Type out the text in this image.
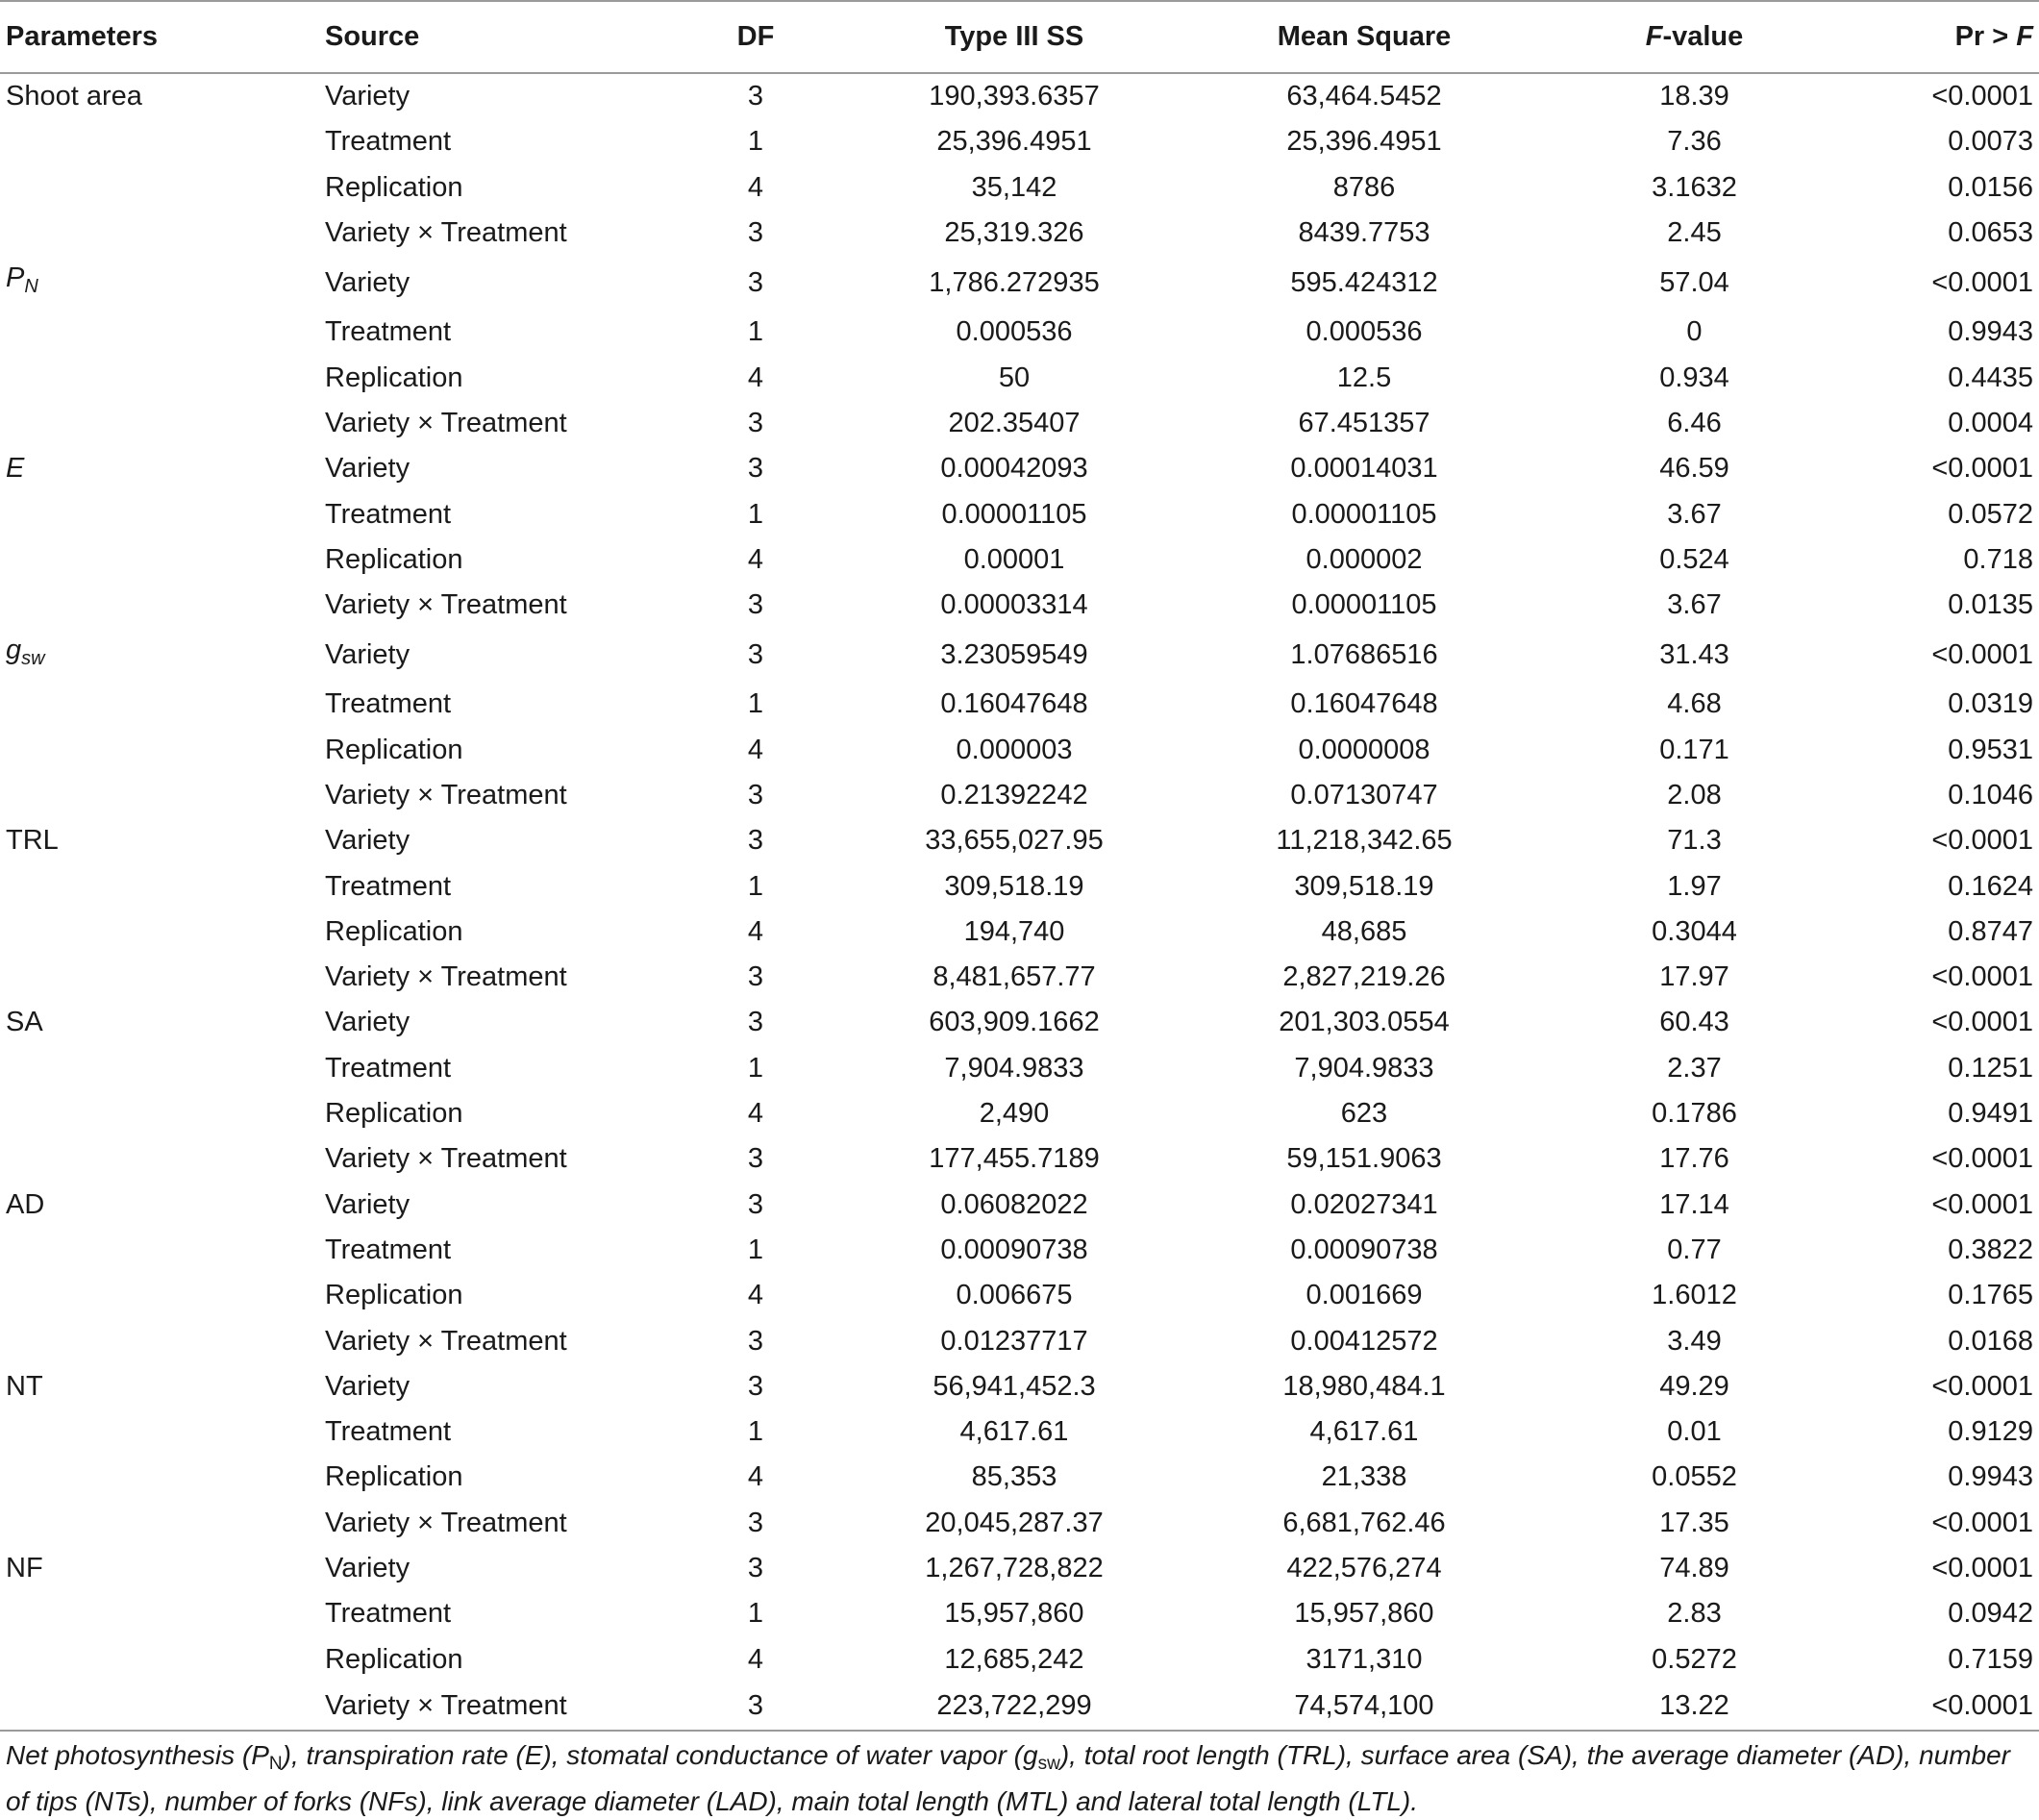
Parameters	Source	DF	Type III SS	Mean Square	F-value	Pr > F
Shoot area	Variety	3	190,393.6357	63,464.5452	18.39	<0.0001
	Treatment	1	25,396.4951	25,396.4951	7.36	0.0073
	Replication	4	35,142	8786	3.1632	0.0156
	Variety × Treatment	3	25,319.326	8439.7753	2.45	0.0653
$P_N$	Variety	3	1,786.272935	595.424312	57.04	<0.0001
	Treatment	1	0.000536	0.000536	0	0.9943
	Replication	4	50	12.5	0.934	0.4435
	Variety × Treatment	3	202.35407	67.451357	6.46	0.0004
E	Variety	3	0.00042093	0.00014031	46.59	<0.0001
	Treatment	1	0.00001105	0.00001105	3.67	0.0572
	Replication	4	0.00001	0.000002	0.524	0.718
	Variety × Treatment	3	0.00003314	0.00001105	3.67	0.0135
$g_{sw}$	Variety	3	3.23059549	1.07686516	31.43	<0.0001
	Treatment	1	0.16047648	0.16047648	4.68	0.0319
	Replication	4	0.000003	0.0000008	0.171	0.9531
	Variety × Treatment	3	0.21392242	0.07130747	2.08	0.1046
TRL	Variety	3	33,655,027.95	11,218,342.65	71.3	<0.0001
	Treatment	1	309,518.19	309,518.19	1.97	0.1624
	Replication	4	194,740	48,685	0.3044	0.8747
	Variety × Treatment	3	8,481,657.77	2,827,219.26	17.97	<0.0001
SA	Variety	3	603,909.1662	201,303.0554	60.43	<0.0001
	Treatment	1	7,904.9833	7,904.9833	2.37	0.1251
	Replication	4	2,490	623	0.1786	0.9491
	Variety × Treatment	3	177,455.7189	59,151.9063	17.76	<0.0001
AD	Variety	3	0.06082022	0.02027341	17.14	<0.0001
	Treatment	1	0.00090738	0.00090738	0.77	0.3822
	Replication	4	0.006675	0.001669	1.6012	0.1765
	Variety × Treatment	3	0.01237717	0.00412572	3.49	0.0168
NT	Variety	3	56,941,452.3	18,980,484.1	49.29	<0.0001
	Treatment	1	4,617.61	4,617.61	0.01	0.9129
	Replication	4	85,353	21,338	0.0552	0.9943
	Variety × Treatment	3	20,045,287.37	6,681,762.46	17.35	<0.0001
NF	Variety	3	1,267,728,822	422,576,274	74.89	<0.0001
	Treatment	1	15,957,860	15,957,860	2.83	0.0942
	Replication	4	12,685,242	3171,310	0.5272	0.7159
	Variety × Treatment	3	223,722,299	74,574,100	13.22	<0.0001
Net photosynthesis $(P_N)$, transpiration rate (E), stomatal conductance of water vapor $(g_{sw})$, total root length (TRL), surface area (SA), the average diameter (AD), number of tips (NTs), number of forks (NFs), link average diameter (LAD), main total length (MTL) and lateral total length (LTL).
